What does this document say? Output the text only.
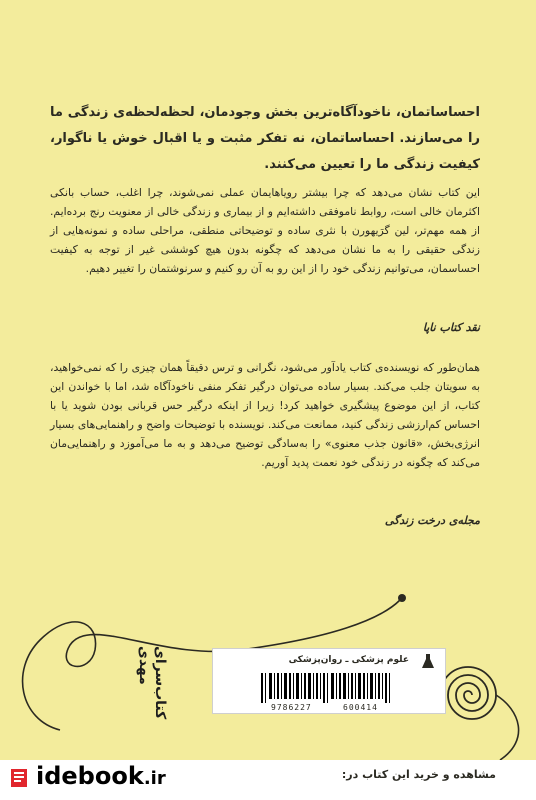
احساساتمان، ناخودآگاه‌ترین بخش وجودمان، لحظه‌لحظه‌ی زندگی ما را می‌سازند. احساساتمان، نه تفکر مثبت و یا اقبال خوش یا ناگوار، کیفیت زندگی ما را تعیین می‌کنند.
این کتاب نشان می‌دهد که چرا بیشتر رویاهایمان عملی نمی‌شوند، چرا اغلب، حساب بانکی اکثرمان خالی است، روابط ناموفقی داشته‌ایم و از بیماری و زندگی خالی از معنویت رنج برده‌ایم. از همه مهم‌تر، لین گرَیهورن با نثری ساده و توضیحاتی منطقی، مراحلی ساده و نمونه‌هایی از زندگی حقیقی را به ما نشان می‌دهد که چگونه بدون هیچ کوششی غیر از توجه به کیفیت احساسمان، می‌توانیم زندگی خود را از این رو به آن رو کنیم و سرنوشتمان را تغییر دهیم.
نقد کتاب ناپا
همان‌طور که نویسنده‌ی کتاب یادآور می‌شود، نگرانی و ترس دقیقاً همان چیزی را که نمی‌خواهید، به سویتان جلب می‌کند. بسیار ساده می‌توان درگیر تفکر منفی ناخودآگاه شد، اما با خواندن این کتاب، از این موضوع پیشگیری خواهید کرد! زیرا از اینکه درگیر حس قربانی بودن شوید یا با احساس کم‌ارزشی زندگی کنید، ممانعت می‌کند. نویسنده با توضیحات واضح و راهنمایی‌های بسیار انرژی‌بخش، «قانون جذب معنوی» را به‌سادگی توضیح می‌دهد و به ما می‌آموزد و راهنمایی‌مان می‌کند که چگونه در زندگی خود نعمت پدید آوریم.
مجله‌ی درخت زندگی
کتاب‌سرای مهدی	علوم پزشکی ـ روان‌پزشکی
9786227	600414
idebook.ir	مشاهده و خرید این کتاب در:
